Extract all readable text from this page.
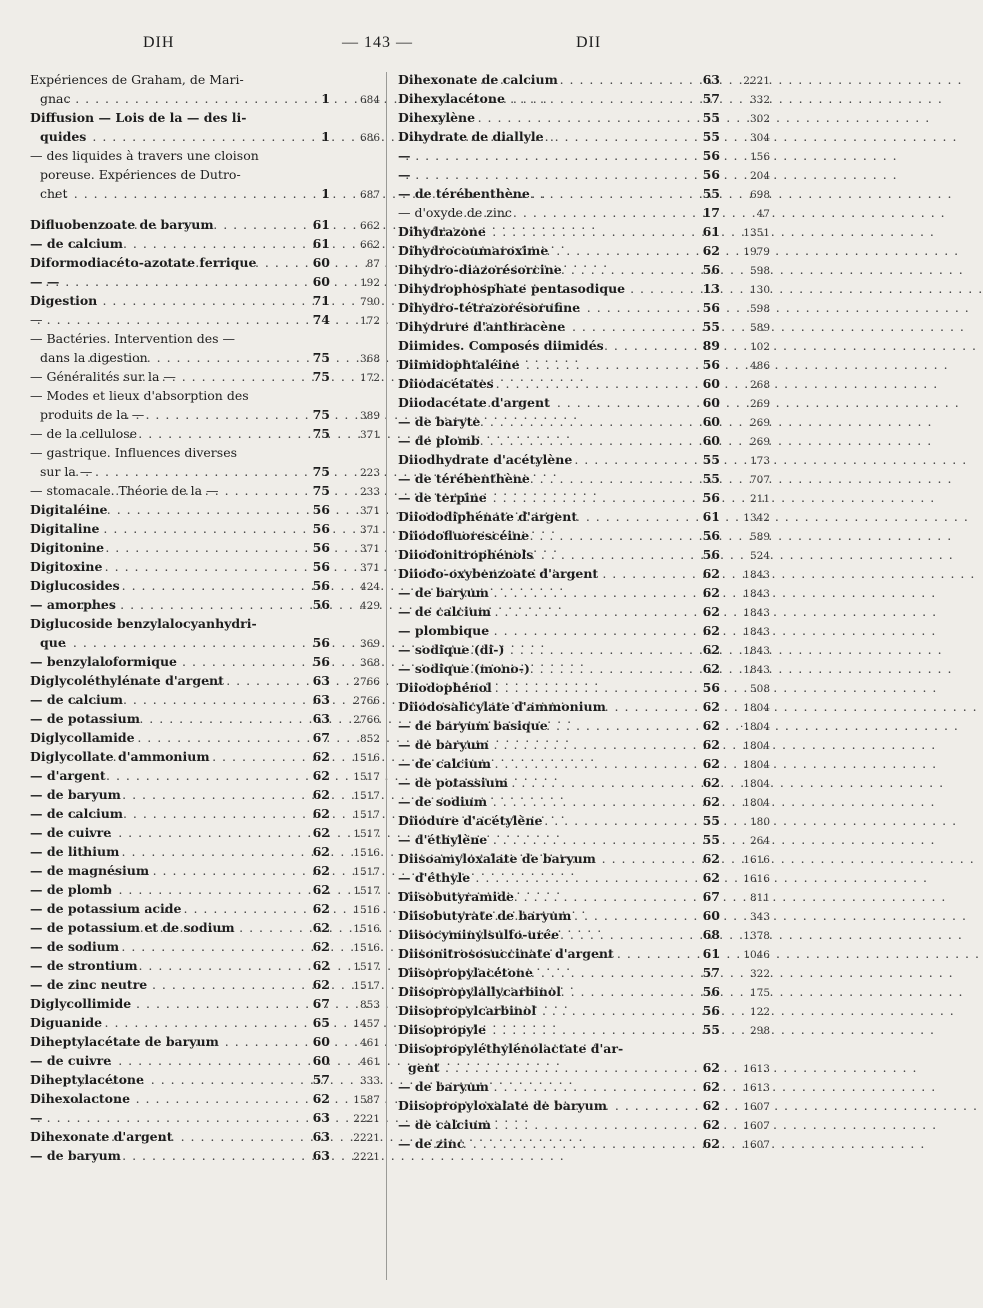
DIH	— 143 —	DII
Expériences de Graham, de Mari-
gnac . . .	1	684
Diffusion — Lois de la — des li-
quides . . .	1	686
— des liquides à travers une cloison
poreuse. Expériences de Dutro-
chet . . .	1	687
Difluobenzoate de baryum . . .	61	662
— de calcium . . .	61	662
Diformodiacéto-azotate ferrique . . .	60	87
— — . . .	60	192
Digestion . . .	71	790
— . . .	74	172
— Bactéries. Intervention des —
dans la digestion . . .	75	368
— Généralités sur la — . . .	75	172
— Modes et lieux d'absorption des
produits de la — . . .	75	389
— de la cellulose . . .	75	371
— gastrique. Influences diverses
sur la — . . .	75	223
— stomacale. Théorie de la — . . .	75	233
Digitaléine . . .	56	371
Digitaline . . .	56	371
Digitonine . . .	56	371
Digitoxine . . .	56	371
Diglucosides . . .	56	424
— amorphes . . .	56	429
Diglucoside benzylalocyanhydri-
que . . .	56	369
— benzylaloformique . . .	56	368
Diglycoléthylénate d'argent . . .	63	2766
— de calcium . . .	63	2766
— de potassium . . .	63	2766
Diglycollamide . . .	67	852
Diglycollate d'ammonium . . .	62	1516
— d'argent . . .	62	1517
— de baryum . . .	62	1517
— de calcium . . .	62	1517
— de cuivre . . .	62	1517
— de lithium . . .	62	1516
— de magnésium . . .	62	1517
— de plomb . . .	62	1517
— de potassium acide . . .	62	1516
— de potassium et de sodium . . .	62	1516
— de sodium . . .	62	1516
— de strontium . . .	62	1517
— de zinc neutre . . .	62	1517
Diglycollimide . . .	67	853
Diguanide . . .	65	1457
Diheptylacétate de baryum . . .	60	461
— de cuivre . . .	60	461
Diheptylacétone . . .	57	333
Dihexolactone . . .	62	1587
— . . .	63	2221
Dihexonate d'argent . . .	63	2221
— de baryum . . .	63	2221
Dihexonate de calcium . . .	63	2221
Dihexylacétone . . .	57	332
Dihexylène . . .	55	302
Dihydrate de diallyle . . .	55	304
— . . .	56	156
— . . .	56	204
— de térébenthène . . .	55	698
— d'oxyde de zinc . . .	17	47
Dihydrazone . . .	61	1351
Dihydrocoumaroxime . . .	62	1979
Dihydro-diazorésorcine . . .	56	598
Dihydrophosphate pentasodique . . .	13	130
Dihydro-tétrazorésorufine . . .	56	598
Dihydrure d'anthracène . . .	55	589
Diimides. Composés diimidés . . .	89	102
Diimidophtaléine . . .	56	486
Diiodacétates . . .	60	268
Diiodacétate d'argent . . .	60	269
— de baryte . . .	60	269
— de plomb . . .	60	269
Diiodhydrate d'acétylène . . .	55	173
— de térébenthène . . .	55	707
— de terpine . . .	56	211
Diiododiphénate d'argent . . .	61	1342
Diiodofluorescéine . . .	56	589
Diiodonitrophénols . . .	56	524
Diiodo-oxybenzoate d'argent . . .	62	1843
— de baryum . . .	62	1843
— de calcium . . .	62	1843
— plombique . . .	62	1843
— sodique (di-) . . .	62	1843
— sodique (mono-) . . .	62	1843
Diiodophénol . . .	56	508
Diiodosalicylate d'ammonium . . .	62	1804
— de baryum basique . . .	62	·1804
— de baryum . . .	62	1804
— de calcium . . .	62	1804
— de potassium . . .	62	1804
— de sodium . . .	62	1804
Diiodure d'acétylène . . .	55	180
— d'éthylène . . .	55	264
Diisoamyloxalate de baryum . . .	62	1616
— d'éthyle . . .	62	1616
Diisobutyramide . . .	67	811
Diisobutyrate de baryum . . .	60	343
Diisocyminylsulfo-urée . . .	68	1378
Diisonitrososuccinate d'argent . . .	61	1046
Diisopropylacétone . . .	57	322
Diisopropylallycarbinol . . .	56	175
Diisopropylcarbinol . . .	56	122
Diisopropyle . . .	55	298
Diisopropyléthylénolactate d'ar-
gent . . .	62	1613
— de baryum . . .	62	1613
Diisopropyloxalate de baryum . . .	62	1607
— de calcium . . .	62	1607
— de zinc . . .	62	1607
